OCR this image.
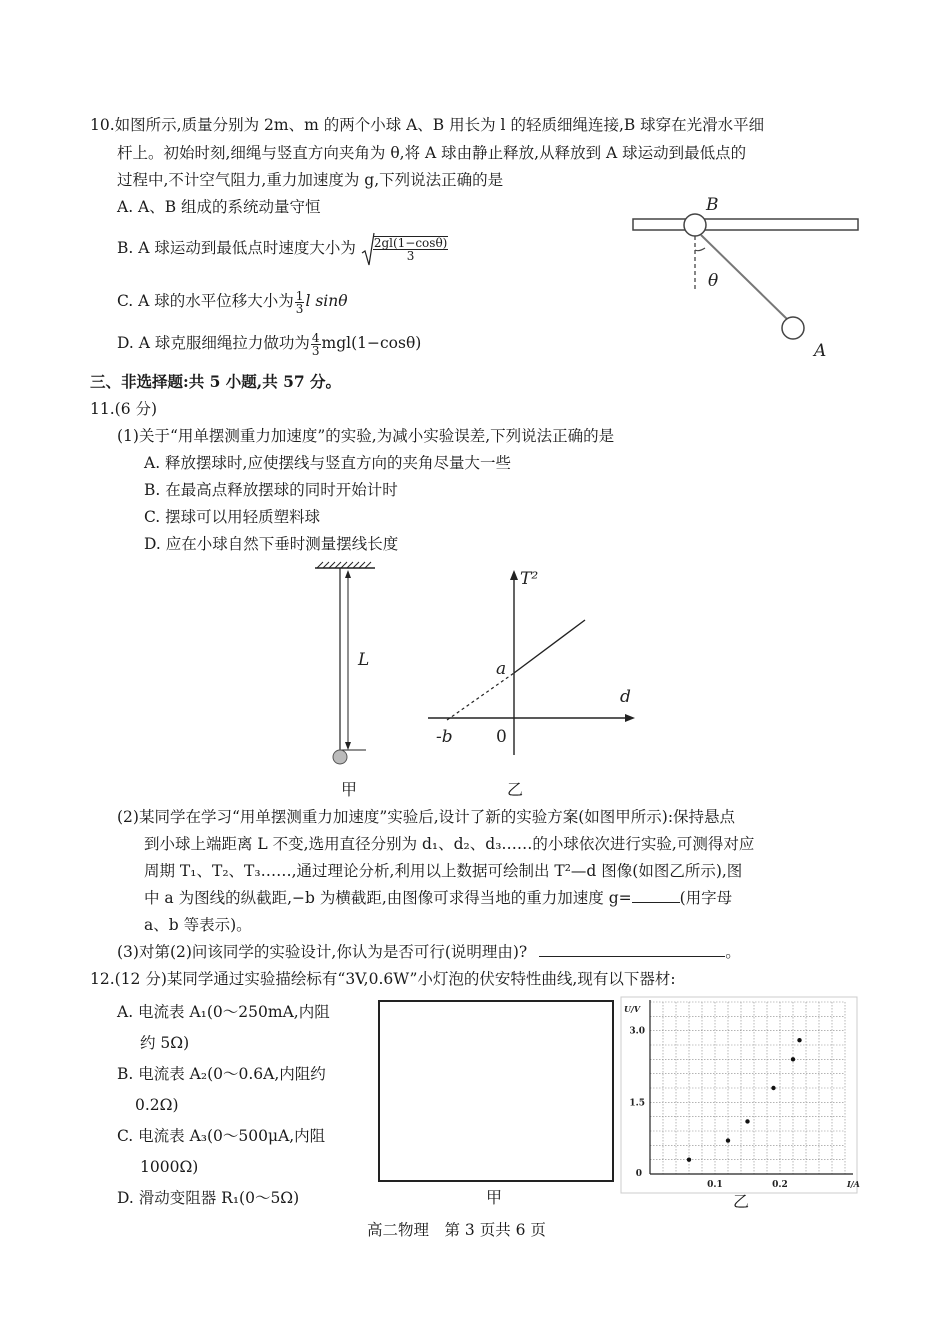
10.如图所示,质量分别为 2m、m 的两个小球 A、B 用长为 l 的轻质细绳连接,B 球穿在光滑水平细
杆上。初始时刻,细绳与竖直方向夹角为 θ,将 A 球由静止释放,从释放到 A 球运动到最低点的
过程中,不计空气阻力,重力加速度为 g,下列说法正确的是
A. A、B 组成的系统动量守恒
B. A 球运动到最低点时速度大小为 $\frac{2gl(1-\cos\theta)}{3}$
C. A 球的水平位移大小为 $\frac{1}{3}$ l sinθ
D. A 球克服细绳拉力做功为 $\frac{4}{3} mgl(1-\cos\theta)$
B
θ
A
三、非选择题:共 5 小题,共 57 分。
11.(6 分)
(1)关于“用单摆测重力加速度”的实验,为减小实验误差,下列说法正确的是
A. 释放摆球时,应使摆线与竖直方向的夹角尽量大一些
B. 在最高点释放摆球的同时开始计时
C. 摆球可以用轻质塑料球
D. 应在小球自然下垂时测量摆线长度
L
甲
T²
a
d
-b	0
乙
(2)某同学在学习“用单摆测重力加速度”实验后,设计了新的实验方案(如图甲所示):保持悬点
到小球上端距离 L 不变,选用直径分别为 d₁、d₂、d₃……的小球依次进行实验,可测得对应
周期 T₁、T₂、T₃……,通过理论分析,利用以上数据可绘制出 T²—d 图像(如图乙所示),图
中 a 为图线的纵截距,−b 为横截距,由图像可求得当地的重力加速度 g=	(用字母
a、b 等表示)。
(3)对第(2)问该同学的实验设计,你认为是否可行(说明理由)?	。
12.(12 分)某同学通过实验描绘标有“3V,0.6W”小灯泡的伏安特性曲线,现有以下器材:
A. 电流表 A₁(0～250mA,内阻
约 5Ω)
B. 电流表 A₂(0～0.6A,内阻约
0.2Ω)
C. 电流表 A₃(0～500μA,内阻
1000Ω)
D. 滑动变阻器 R₁(0～5Ω)	甲
0.1	0.2
1.5
3.0
0
I/A
U/V
乙
高二物理　第 3 页共 6 页
